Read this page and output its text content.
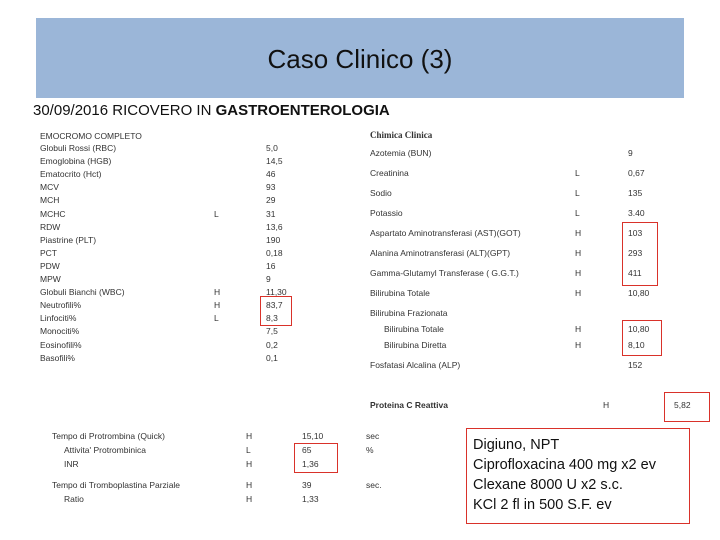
Caso Clinico (3)
30/09/2016 RICOVERO IN GASTROENTEROLOGIA
EMOCROMO COMPLETO
Globuli Rossi (RBC)	5,0
Emoglobina (HGB)	14,5
Ematocrito (Hct)	46
MCV	93
MCH	29
MCHC	L	31
RDW	13,6
Piastrine (PLT)	190
PCT	0,18
PDW	16
MPW	9
Globuli Bianchi (WBC)	H	11,30
Neutrofili%	H	83,7
Linfociti%	L	8,3
Monociti%	7,5
Eosinofili%	0,2
Basofili%	0,1
Chimica Clinica
Azotemia (BUN)	9
Creatinina	L	0,67
Sodio	L	135
Potassio	L	3.40
Aspartato Aminotransferasi (AST)(GOT)	H	103
Alanina Aminotransferasi (ALT)(GPT)	H	293
Gamma-Glutamyl Transferase ( G.G.T.)	H	411
Bilirubina Totale	H	10,80
Bilirubina Frazionata
Bilirubina Totale	H	10,80
Bilirubina Diretta	H	8,10
Fosfatasi Alcalina (ALP)	152
Proteina C Reattiva	H	5,82
Tempo di Protrombina (Quick)	H	15,10	sec
Attivita' Protrombinica	L	65	%
INR	H	1,36
Tempo di Tromboplastina Parziale	H	39	sec.
Ratio	H	1,33
Digiuno, NPT
Ciprofloxacina 400 mg x2 ev
Clexane 8000 U x2 s.c.
KCl 2 fl in 500 S.F. ev
